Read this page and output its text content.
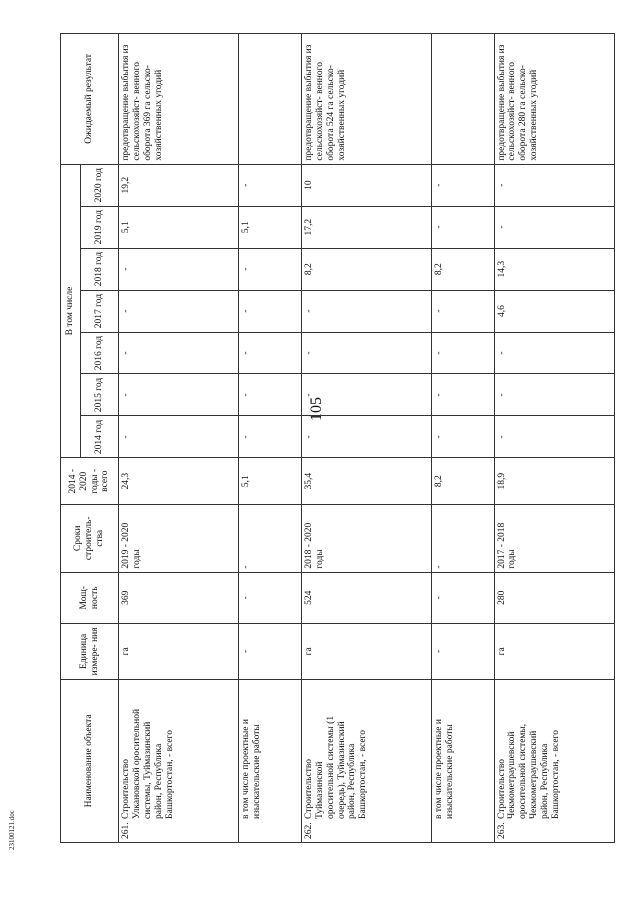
105
Наименование объекта	Единица измере- ния	Мощ- ность	Сроки строитель- ства	2014 - 2020 годы - всего	В том числе							Ожидаемый результат
					2014 год	2015 год	2016 год	2017 год	2018 год	2019 год	2020 год	
261.Строительство Улкановской оросительной системы, Туймазинский район, Республика Башкортостан, - всего	га	369	2019 - 2020 годы	24,3	-	-	-	-	-	5,1	19,2	предотвращение выбытия из сельскохозяйст- венного оборота 369 га сельско- хозяйственных угодий
в том числе проектные и изыскательские работы	-	-	-	5,1	-	-	-	-	-	5,1	-	
262.Строительство Туймазинской оросительной системы (1 очередь), Туймазинский район, Республика Башкортостан, - всего	га	524	2018 - 2020 годы	35,4	-	-	-	-	8,2	17,2	10	предотвращение выбытия из сельскохозяйст- венного оборота 524 га сельско- хозяйственных угодий
в том числе проектные и изыскательские работы	-	-	-	8,2	-	-	-	-	8,2	-	-	
263.Строительство Чекмометраушевской оросительной системы, Чекмометраушевский район, Республика Башкортостан, - всего	га	280	2017 - 2018 годы	18,9	-	-	-	4,6	14,3	-	-	предотвращение выбытия из сельскохозяйст- венного оборота 280 га сельско- хозяйственных угодий
23100121.doc
